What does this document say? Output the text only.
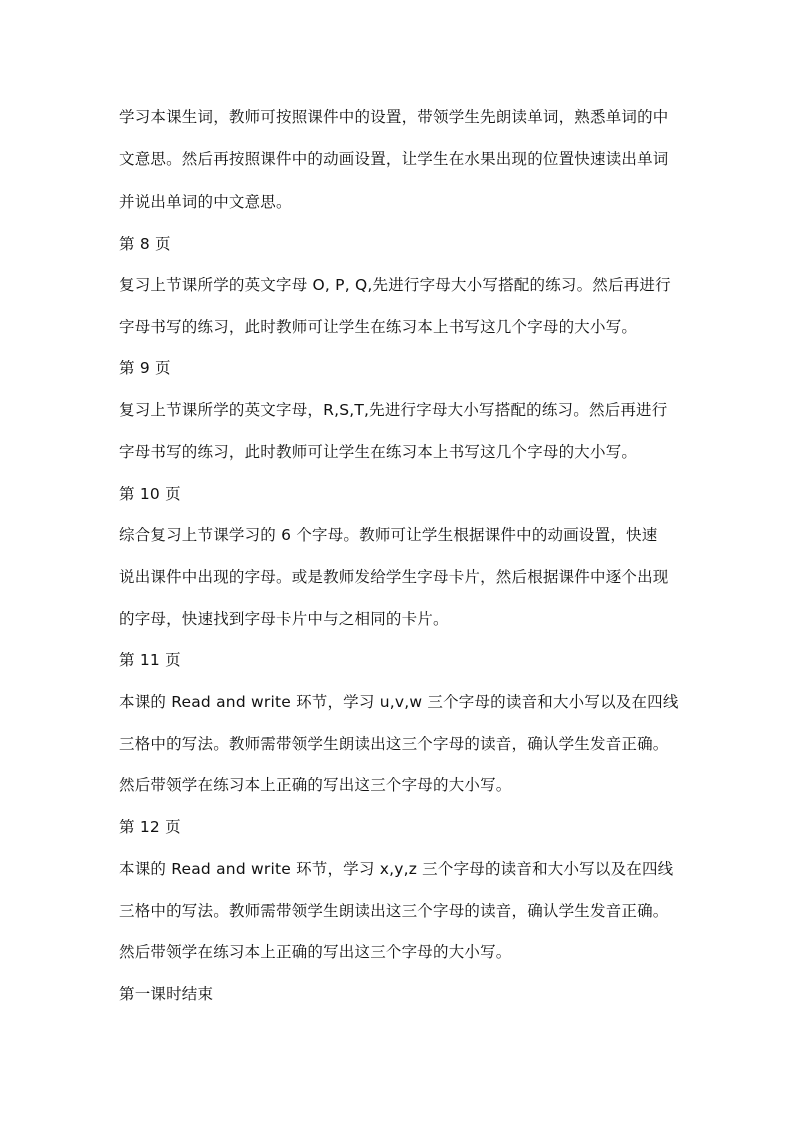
学习本课生词，教师可按照课件中的设置，带领学生先朗读单词，熟悉单词的中
文意思。然后再按照课件中的动画设置，让学生在水果出现的位置快速读出单词
并说出单词的中文意思。
第 8 页
复习上节课所学的英文字母 O, P, Q,先进行字母大小写搭配的练习。然后再进行
字母书写的练习，此时教师可让学生在练习本上书写这几个字母的大小写。
第 9 页
复习上节课所学的英文字母，R,S,T,先进行字母大小写搭配的练习。然后再进行
字母书写的练习，此时教师可让学生在练习本上书写这几个字母的大小写。
第 10 页
综合复习上节课学习的 6 个字母。教师可让学生根据课件中的动画设置，快速
说出课件中出现的字母。或是教师发给学生字母卡片，然后根据课件中逐个出现
的字母，快速找到字母卡片中与之相同的卡片。
第 11 页
本课的 Read and write 环节，学习 u,v,w 三个字母的读音和大小写以及在四线
三格中的写法。教师需带领学生朗读出这三个字母的读音，确认学生发音正确。
然后带领学在练习本上正确的写出这三个字母的大小写。
第 12 页
本课的 Read and write 环节，学习 x,y,z 三个字母的读音和大小写以及在四线
三格中的写法。教师需带领学生朗读出这三个字母的读音，确认学生发音正确。
然后带领学在练习本上正确的写出这三个字母的大小写。
第一课时结束
